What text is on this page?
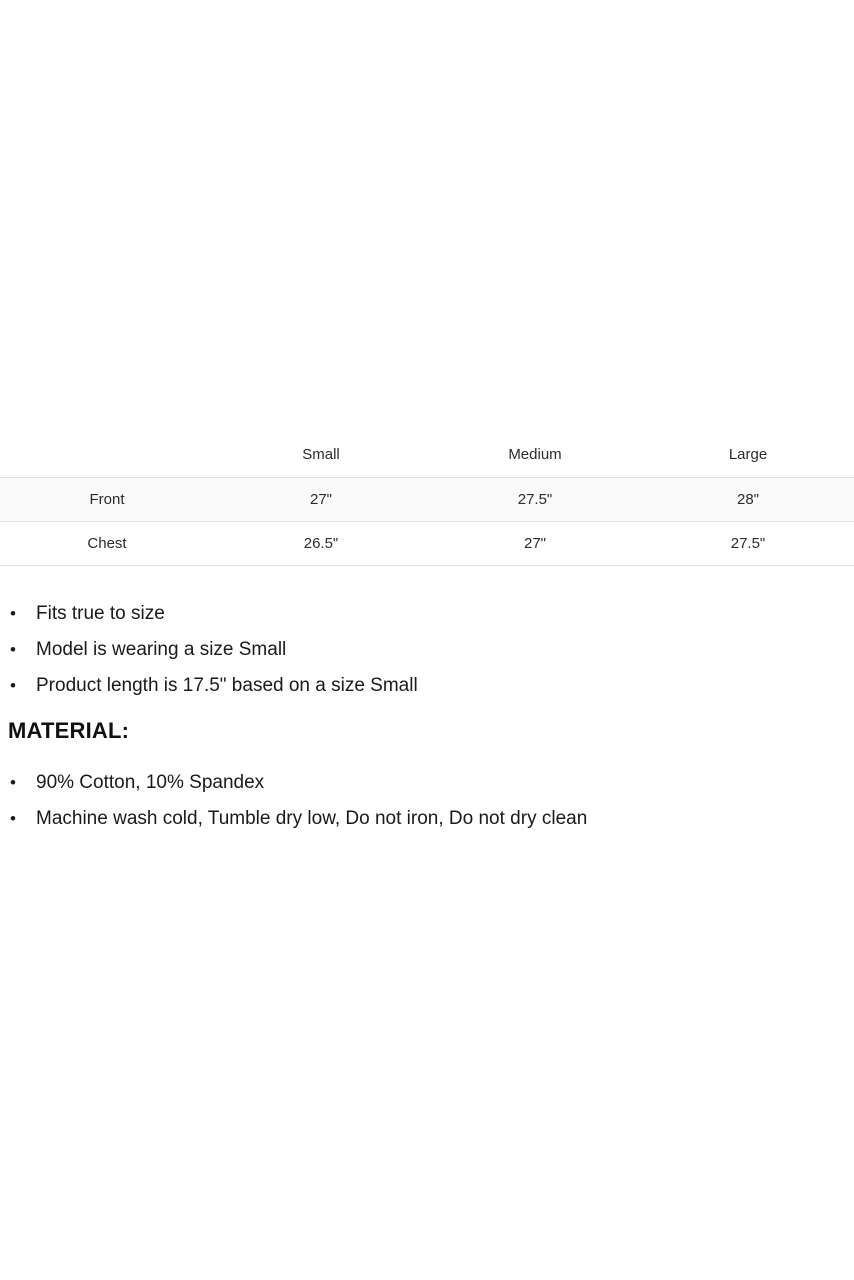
	Small	Medium	Large
Front	27"	27.5"	28"
Chest	26.5"	27"	27.5"
• Fits true to size
• Model is wearing a size Small
• Product length is 17.5" based on a size Small
MATERIAL:
• 90% Cotton, 10% Spandex
• Machine wash cold, Tumble dry low, Do not iron, Do not dry clean
